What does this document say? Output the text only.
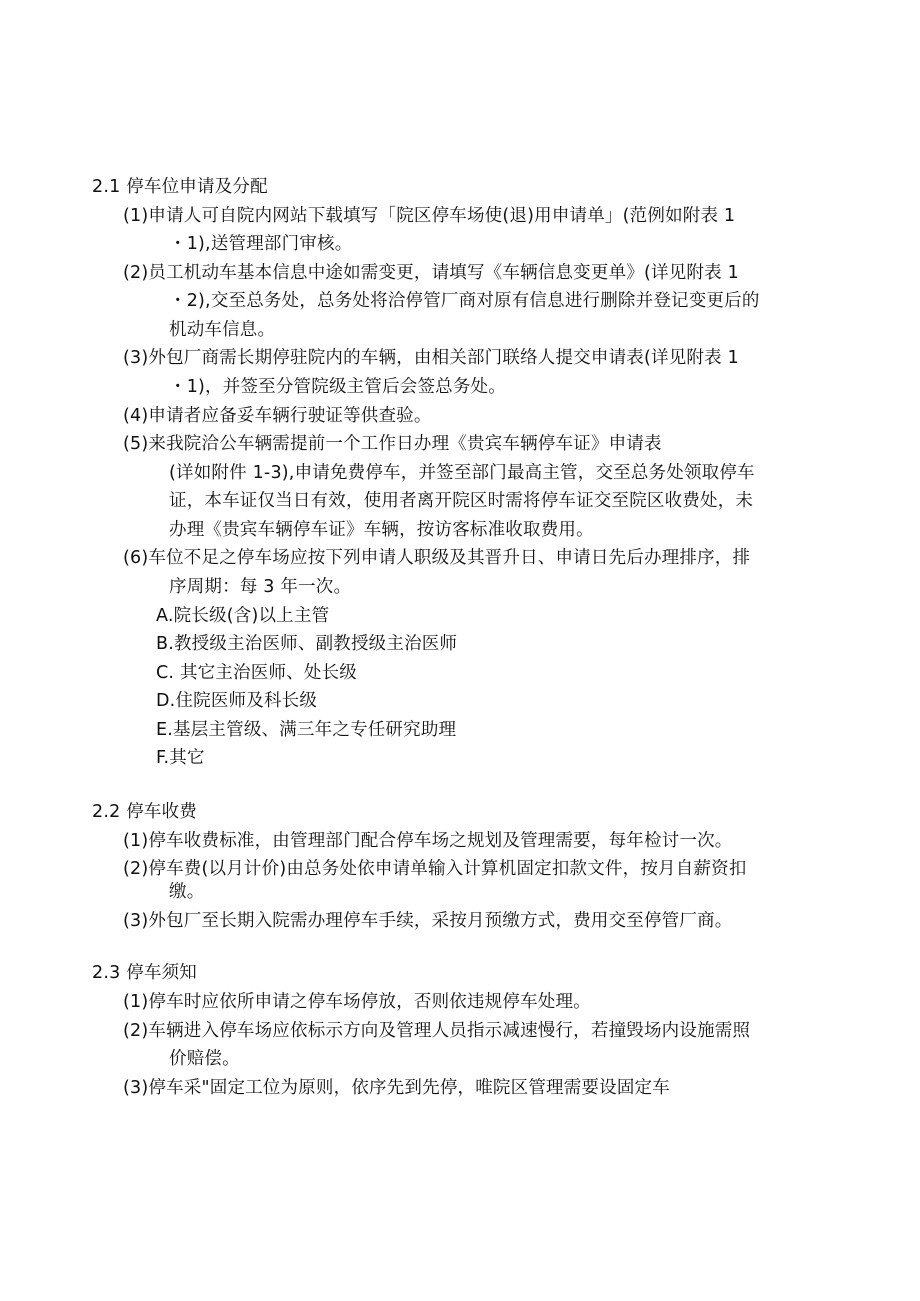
2.1 停车位申请及分配
(1)申请人可自院内网站下载填写「院区停车场使(退)用申请单」(范例如附表 1
・1),送管理部门审核。
(2)员工机动车基本信息中途如需变更，请填写《车辆信息变更单》(详见附表 1
・2),交至总务处，总务处将洽停管厂商对原有信息进行删除并登记变更后的
机动车信息。
(3)外包厂商需长期停驻院内的车辆，由相关部门联络人提交申请表(详见附表 1
・1)，并签至分管院级主管后会签总务处。
(4)申请者应备妥车辆行驶证等供查验。
(5)来我院洽公车辆需提前一个工作日办理《贵宾车辆停车证》申请表
(详如附件 1-3),申请免费停车，并签至部门最高主管，交至总务处领取停车
证，本车证仅当日有效，使用者离开院区时需将停车证交至院区收费处，未
办理《贵宾车辆停车证》车辆，按访客标准收取费用。
(6)车位不足之停车场应按下列申请人职级及其晋升日、申请日先后办理排序，排
序周期：每 3 年一次。
A.院长级(含)以上主管
B.教授级主治医师、副教授级主治医师
C. 其它主治医师、处长级
D.住院医师及科长级
E.基层主管级、满三年之专任研究助理
F.其它
2.2 停车收费
(1)停车收费标准，由管理部门配合停车场之规划及管理需要，每年检讨一次。
(2)停车费(以月计价)由总务处依申请单输入计算机固定扣款文件，按月自薪资扣
缴。
(3)外包厂至长期入院需办理停车手续，采按月预缴方式，费用交至停管厂商。
2.3 停车须知
(1)停车时应依所申请之停车场停放，否则依违规停车处理。
(2)车辆进入停车场应依标示方向及管理人员指示减速慢行，若撞毁场内设施需照
价赔偿。
(3)停车采"固定工位为原则，依序先到先停，唯院区管理需要设固定车
